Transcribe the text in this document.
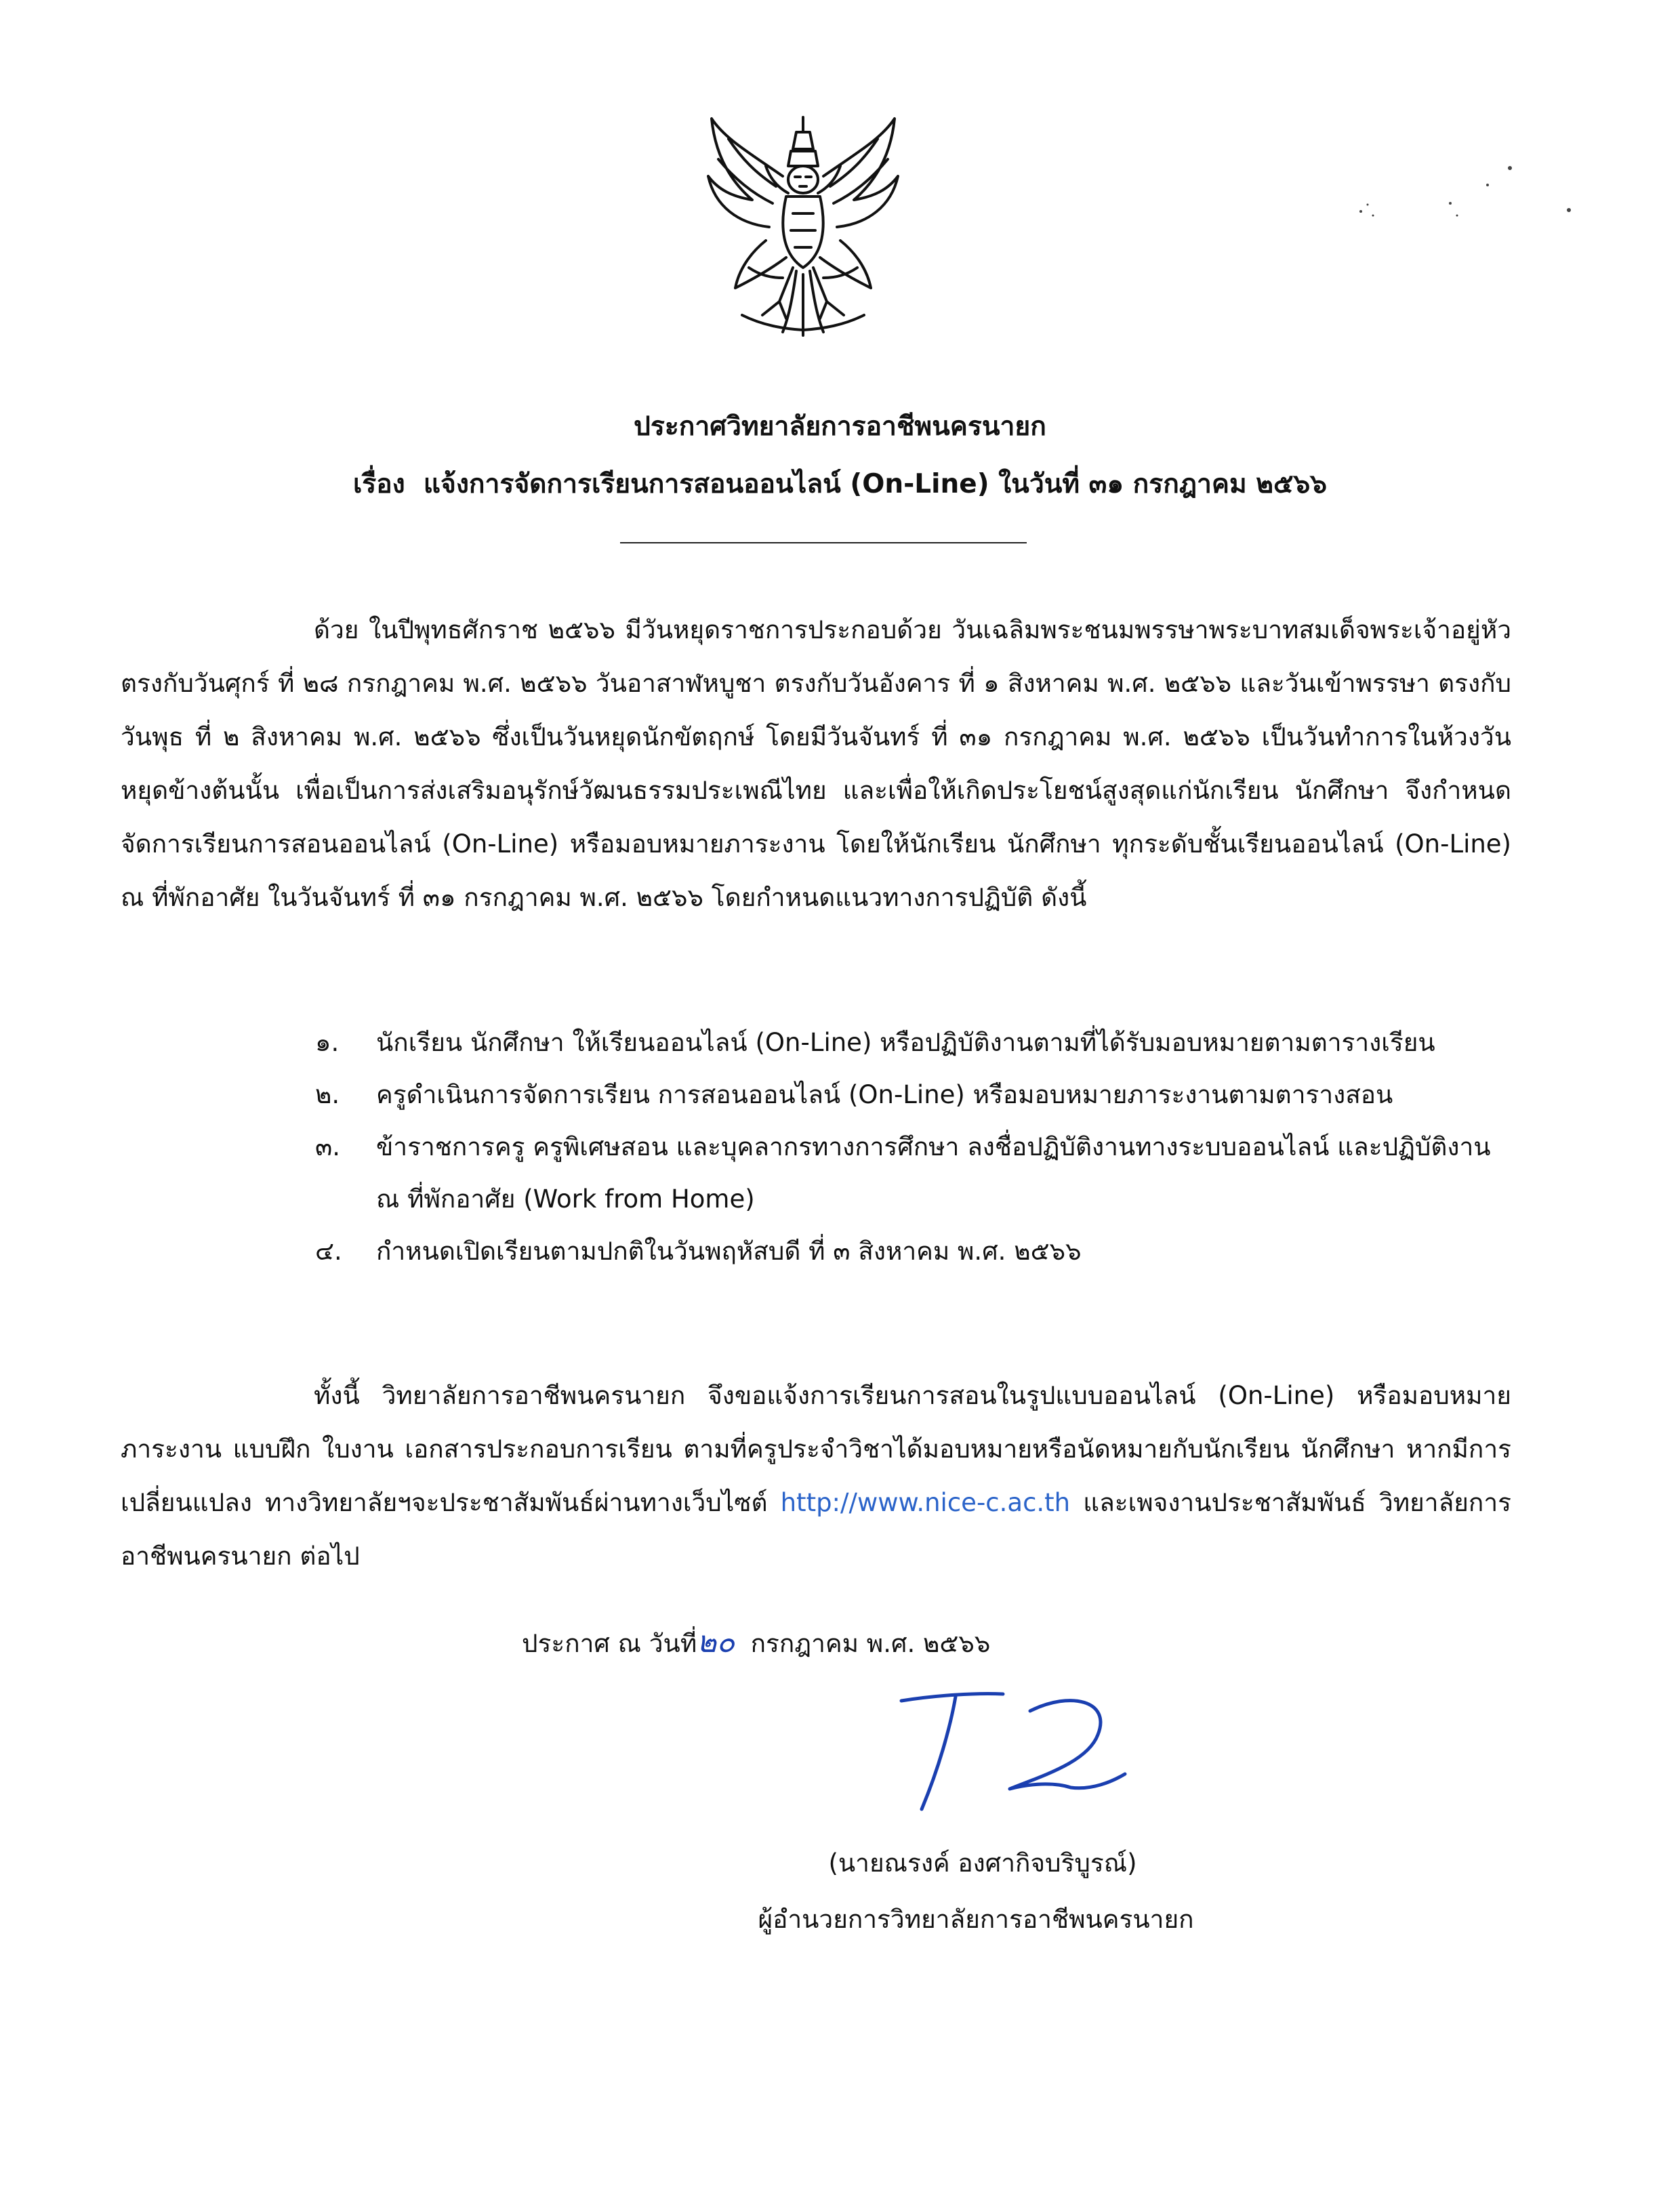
ประกาศวิทยาลัยการอาชีพนครนายก
เรื่อง แจ้งการจัดการเรียนการสอนออนไลน์ (On-Line) ในวันที่ ๓๑ กรกฎาคม ๒๕๖๖
ด้วย ในปีพุทธศักราช ๒๕๖๖ มีวันหยุดราชการประกอบด้วย วันเฉลิมพระชนมพรรษาพระบาทสมเด็จพระเจ้าอยู่หัว ตรงกับวันศุกร์ ที่ ๒๘ กรกฎาคม พ.ศ. ๒๕๖๖ วันอาสาฬหบูชา ตรงกับวันอังคาร ที่ ๑ สิงหาคม พ.ศ. ๒๕๖๖ และวันเข้าพรรษา ตรงกับวันพุธ ที่ ๒ สิงหาคม พ.ศ. ๒๕๖๖ ซึ่งเป็นวันหยุดนักขัตฤกษ์ โดยมีวันจันทร์ ที่ ๓๑ กรกฎาคม พ.ศ. ๒๕๖๖ เป็นวันทำการในห้วงวันหยุดข้างต้นนั้น เพื่อเป็นการส่งเสริมอนุรักษ์วัฒนธรรมประเพณีไทย และเพื่อให้เกิดประโยชน์สูงสุดแก่นักเรียน นักศึกษา จึงกำหนดจัดการเรียนการสอนออนไลน์ (On-Line) หรือมอบหมายภาระงาน โดยให้นักเรียน นักศึกษา ทุกระดับชั้นเรียนออนไลน์ (On-Line) ณ ที่พักอาศัย ในวันจันทร์ ที่ ๓๑ กรกฎาคม พ.ศ. ๒๕๖๖ โดยกำหนดแนวทางการปฏิบัติ ดังนี้
๑.	นักเรียน นักศึกษา ให้เรียนออนไลน์ (On-Line) หรือปฏิบัติงานตามที่ได้รับมอบหมายตามตารางเรียน
๒.	ครูดำเนินการจัดการเรียน การสอนออนไลน์ (On-Line) หรือมอบหมายภาระงานตามตารางสอน
๓.	ข้าราชการครู ครูพิเศษสอน และบุคลากรทางการศึกษา ลงชื่อปฏิบัติงานทางระบบออนไลน์ และปฏิบัติงาน ณ ที่พักอาศัย (Work from Home)
๔.	กำหนดเปิดเรียนตามปกติในวันพฤหัสบดี ที่ ๓ สิงหาคม พ.ศ. ๒๕๖๖
ทั้งนี้ วิทยาลัยการอาชีพนครนายก จึงขอแจ้งการเรียนการสอนในรูปแบบออนไลน์ (On-Line) หรือมอบหมายภาระงาน แบบฝึก ใบงาน เอกสารประกอบการเรียน ตามที่ครูประจำวิชาได้มอบหมายหรือนัดหมายกับนักเรียน นักศึกษา หากมีการเปลี่ยนแปลง ทางวิทยาลัยฯจะประชาสัมพันธ์ผ่านทางเว็บไซต์ http://www.nice-c.ac.th และเพจงานประชาสัมพันธ์ วิทยาลัยการอาชีพนครนายก ต่อไป
ประกาศ ณ วันที่๒๐ กรกฎาคม พ.ศ. ๒๕๖๖
(นายณรงค์ องศากิจบริบูรณ์)
ผู้อำนวยการวิทยาลัยการอาชีพนครนายก
